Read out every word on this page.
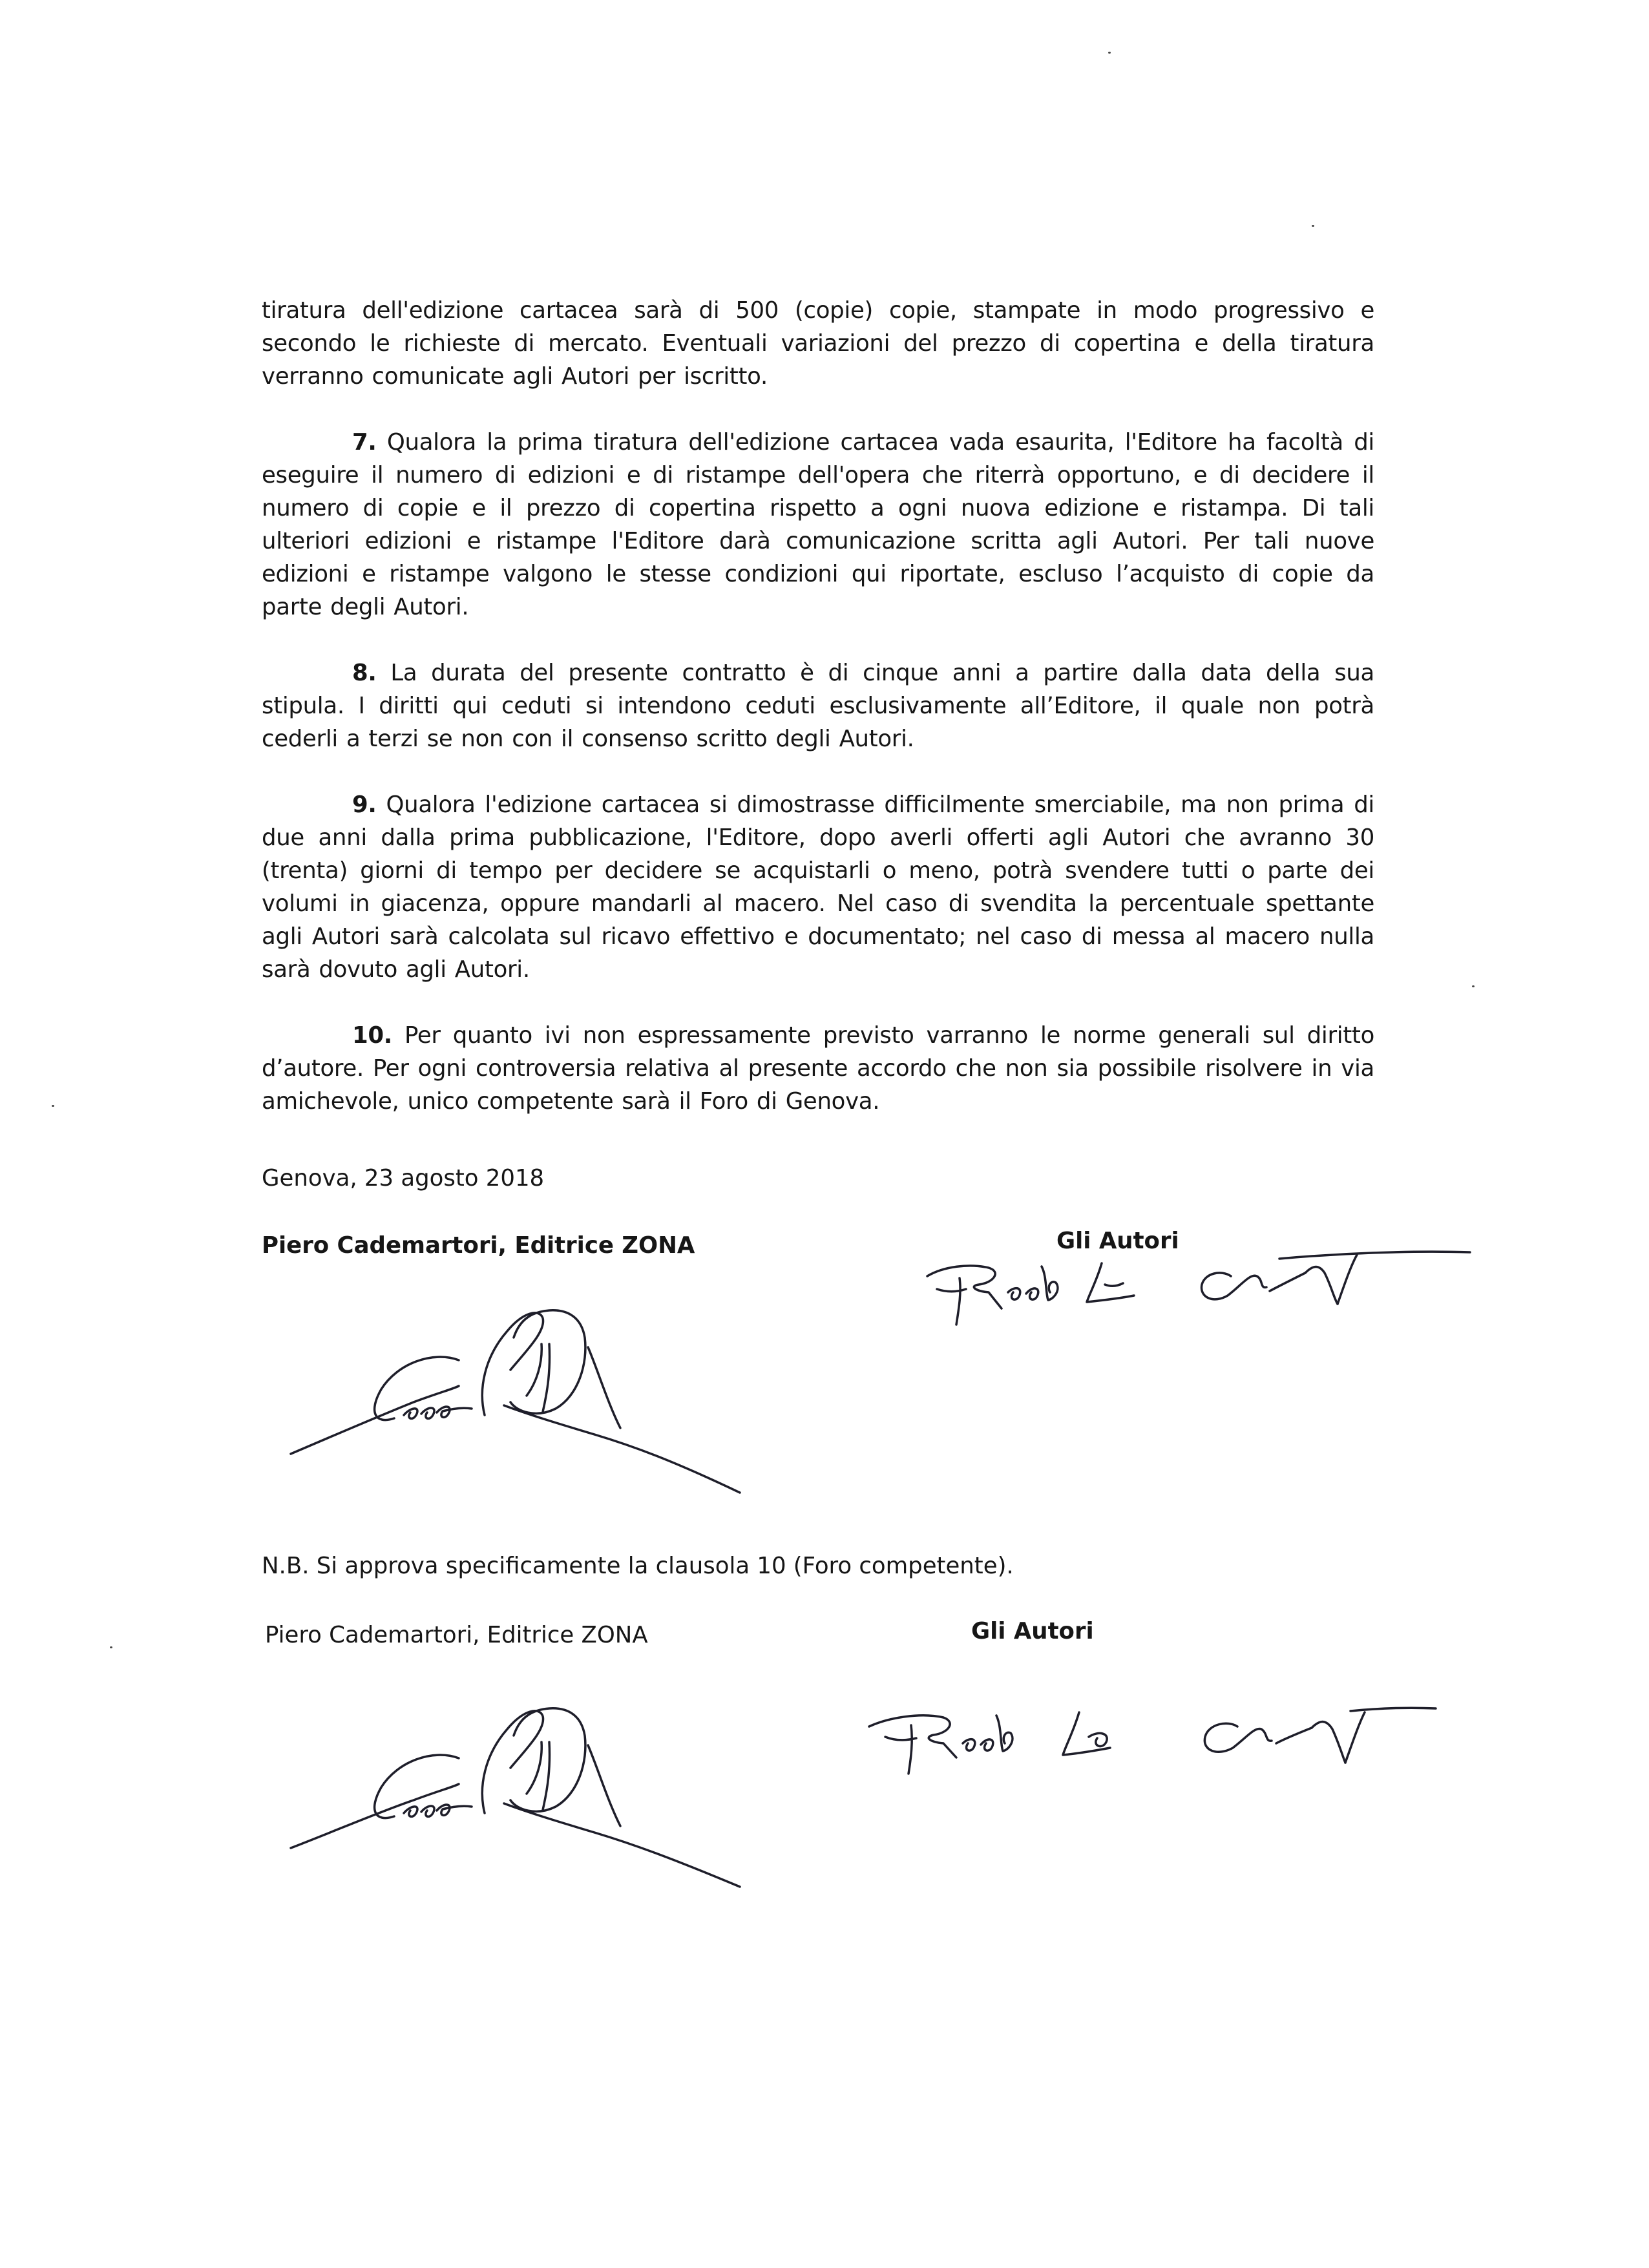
tiratura dell'edizione cartacea sarà di 500 (copie) copie, stampate in modo progressivo e secondo le richieste di mercato. Eventuali variazioni del prezzo di copertina e della tiratura verranno comunicate agli Autori per iscritto.

7. Qualora la prima tiratura dell'edizione cartacea vada esaurita, l'Editore ha facoltà di eseguire il numero di edizioni e di ristampe dell'opera che riterrà opportuno, e di decidere il numero di copie e il prezzo di copertina rispetto a ogni nuova edizione e ristampa. Di tali ulteriori edizioni e ristampe l'Editore darà comunicazione scritta agli Autori. Per tali nuove edizioni e ristampe valgono le stesse condizioni qui riportate, escluso l’acquisto di copie da parte degli Autori.

8. La durata del presente contratto è di cinque anni a partire dalla data della sua stipula. I diritti qui ceduti si intendono ceduti esclusivamente all’Editore, il quale non potrà cederli a terzi se non con il consenso scritto degli Autori.

9. Qualora l'edizione cartacea si dimostrasse difficilmente smerciabile, ma non prima di due anni dalla prima pubblicazione, l'Editore, dopo averli offerti agli Autori che avranno 30 (trenta) giorni di tempo per decidere se acquistarli o meno, potrà svendere tutti o parte dei volumi in giacenza, oppure mandarli al macero. Nel caso di svendita la percentuale spettante agli Autori sarà calcolata sul ricavo effettivo e documentato; nel caso di messa al macero nulla sarà dovuto agli Autori.

10. Per quanto ivi non espressamente previsto varranno le norme generali sul diritto d’autore. Per ogni controversia relativa al presente accordo che non sia possibile risolvere in via amichevole, unico competente sarà il Foro di Genova.

Genova, 23 agosto 2018
Piero Cademartori, Editrice ZONA	Gli Autori
N.B. Si approva specificamente la clausola 10 (Foro competente).
Piero Cademartori, Editrice ZONA	Gli Autori
